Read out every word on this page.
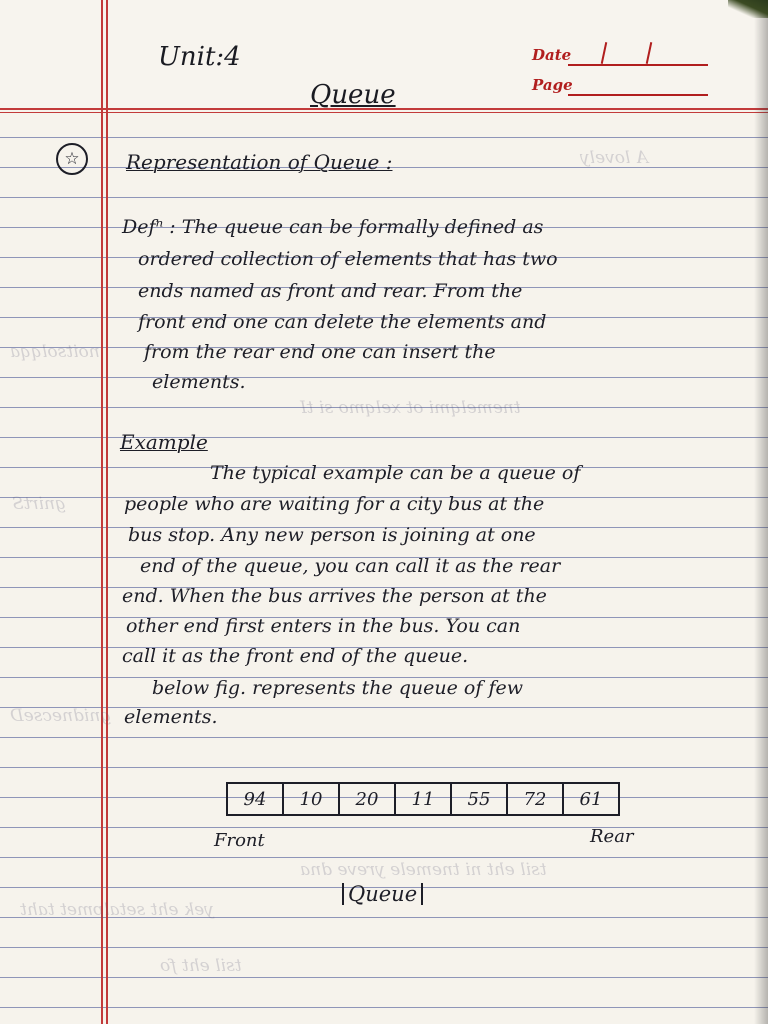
Unit:4
Queue
Date
Page
A lovely
noitsolqqa
tnemelqmi ot xelqmo si tI
gnirtS
gnidnecseD
tsil eht ni tnemele yreve dna
yek eht setalpmet taht
tsil eht fo
☆	Representation of Queue :
Defⁿ : The queue can be formally defined as
ordered collection of elements that has two
ends named as front and rear. From the
front end one can delete the elements and
from the rear end one can insert the
elements.
Example
The typical example can be a queue of
people who are waiting for a city bus at the
bus stop. Any new person is joining at one
end of the queue, you can call it as the rear
end. When the bus arrives the person at the
other end first enters in the bus. You can
call it as the front end of the queue.
below fig. represents the queue of few
elements.
94	10	20	11	55	72	61
Front	Rear
Queue
